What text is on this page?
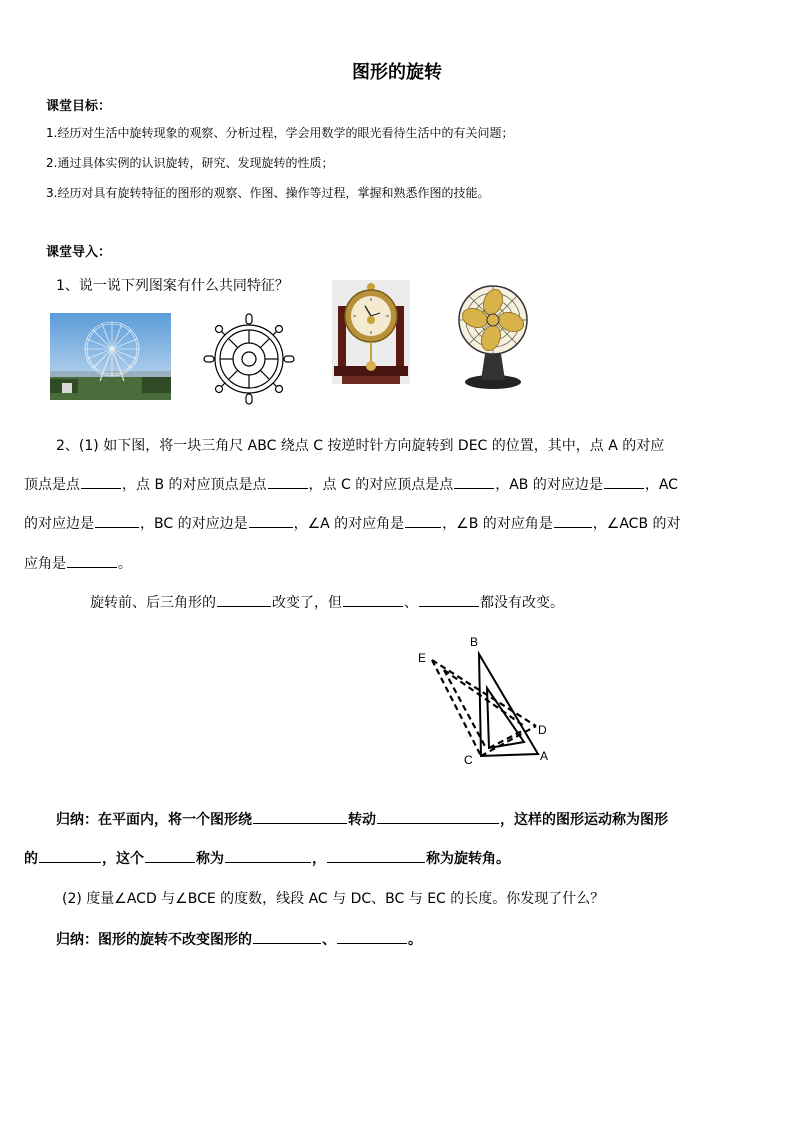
图形的旋转
课堂目标：
1.经历对生活中旋转现象的观察、分析过程，学会用数学的眼光看待生活中的有关问题；
2.通过具体实例的认识旋转，研究、发现旋转的性质；
3.经历对具有旋转特征的图形的观察、作图、操作等过程，掌握和熟悉作图的技能。
课堂导入：
1、说一说下列图案有什么共同特征？
2、(1) 如下图，将一块三角尺 ABC 绕点 C 按逆时针方向旋转到 DEC 的位置，其中，点 A 的对应
顶点是点	，点 B 的对应顶点是点	，点 C 的对应顶点是点	，AB 的对应边是	，AC
的对应边是	，BC 的对应边是	，∠A 的对应角是	，∠B 的对应角是	，∠ACB 的对
应角是	。
旋转前、后三角形的	改变了，但	、	都没有改变。
B
E
D
C	A
归纳：在平面内，将一个图形绕	转动	，这样的图形运动称为图形
的	，这个	称为	，	称为旋转角。
(2) 度量∠ACD 与∠BCE 的度数，线段 AC 与 DC、BC 与 EC 的长度。你发现了什么？
归纳：图形的旋转不改变图形的	、	。
